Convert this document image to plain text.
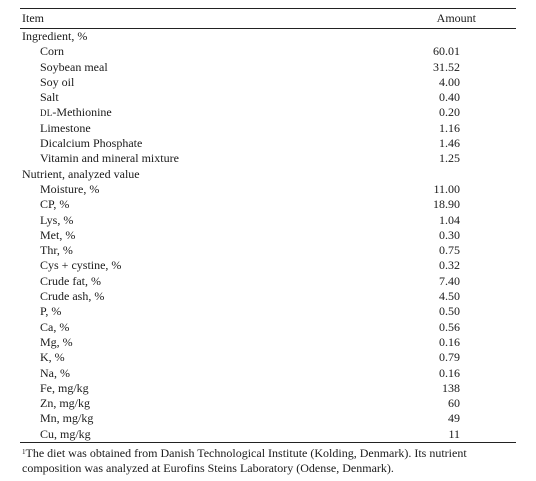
Item	Amount
Ingredient, %
Corn	60.01
Soybean meal	31.52
Soy oil	4.00
Salt	0.40
DL-Methionine	0.20
Limestone	1.16
Dicalcium Phosphate	1.46
Vitamin and mineral mixture	1.25
Nutrient, analyzed value
Moisture, %	11.00
CP, %	18.90
Lys, %	1.04
Met, %	0.30
Thr, %	0.75
Cys + cystine, %	0.32
Crude fat, %	7.40
Crude ash, %	4.50
P, %	0.50
Ca, %	0.56
Mg, %	0.16
K, %	0.79
Na, %	0.16
Fe, mg/kg	138
Zn, mg/kg	60
Mn, mg/kg	49
Cu, mg/kg	11
$^1$The diet was obtained from Danish Technological Institute (Kolding, Denmark). Its nutrient composition was analyzed at Eurofins Steins Laboratory (Odense, Denmark).
